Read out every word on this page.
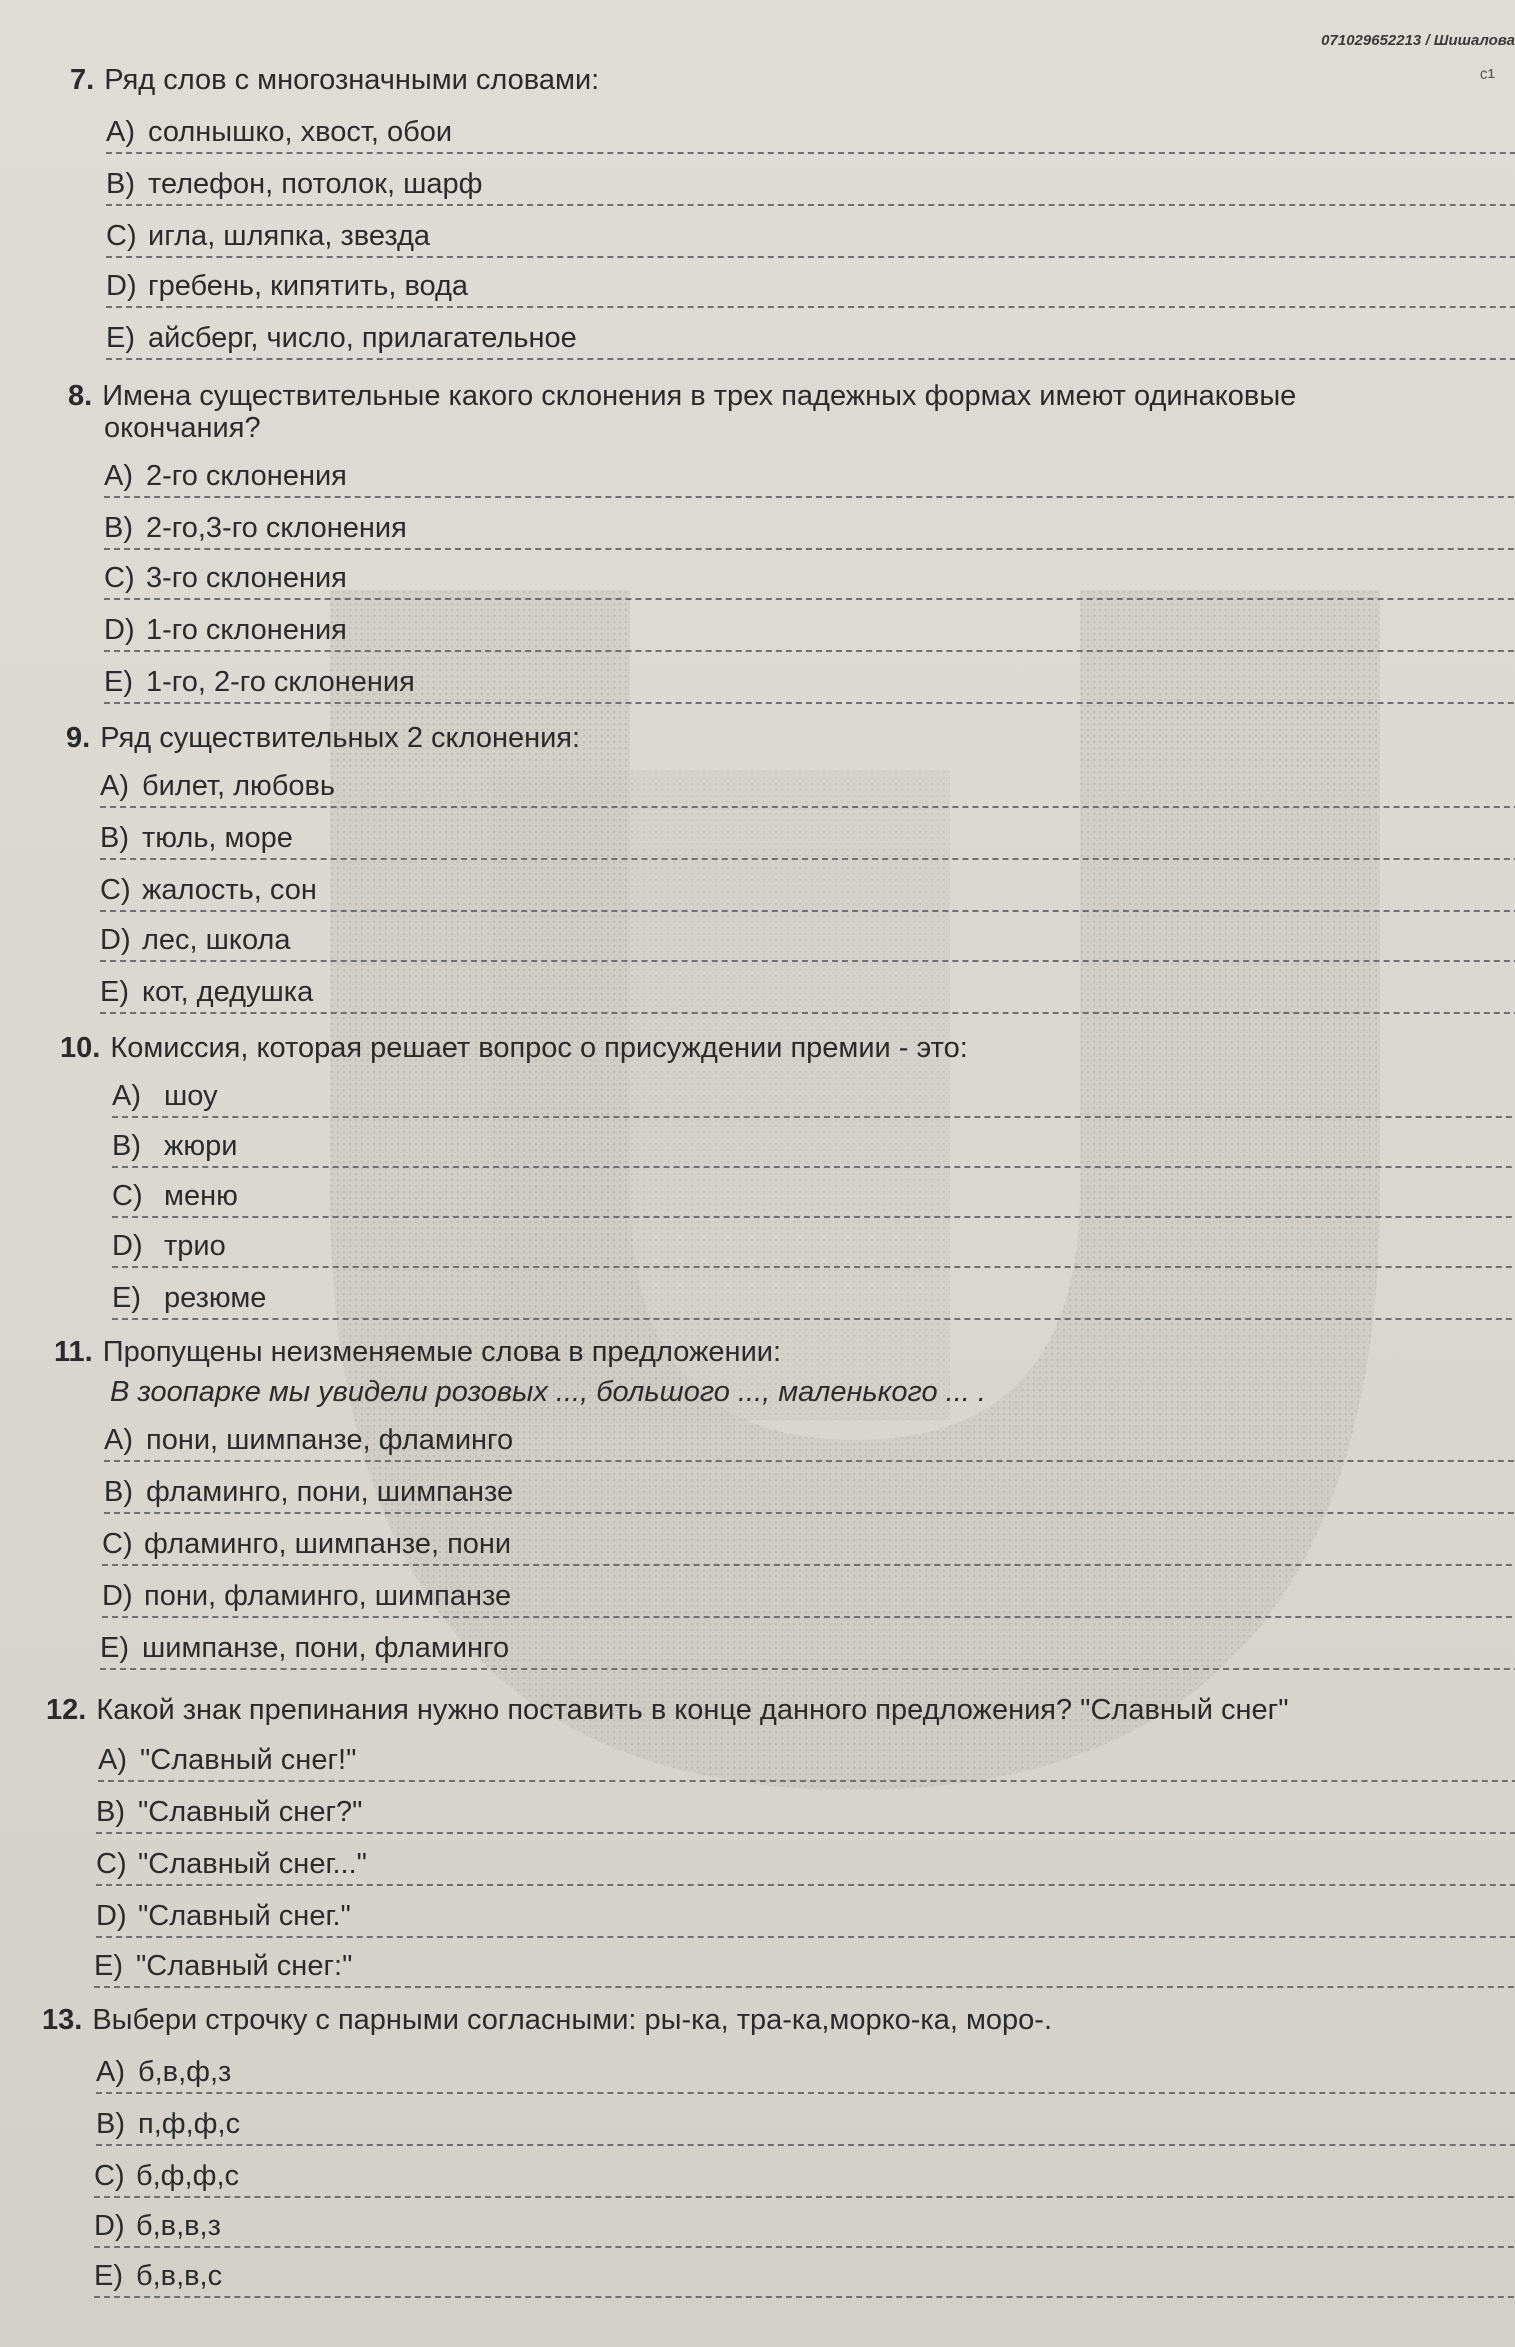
071029652213 / Шишалова
ᶜ¹
7. Ряд слов с многозначными словами:
A) солнышко, хвост, обои
B) телефон, потолок, шарф
C) игла, шляпка, звезда
D) гребень, кипятить, вода
E) айсберг, число, прилагательное
8. Имена существительные какого склонения в трех падежных формах имеют одинаковые
окончания?
A) 2-го склонения
B) 2-го,3-го склонения
C) 3-го склонения
D) 1-го склонения
E) 1-го, 2-го склонения
9. Ряд существительных 2 склонения:
A) билет, любовь
B) тюль, море
C) жалость, сон
D) лес, школа
E) кот, дедушка
10. Комиссия, которая решает вопрос о присуждении премии - это:
A) шоу
B) жюри
C) меню
D) трио
E) резюме
11. Пропущены неизменяемые слова в предложении:
В зоопарке мы увидели розовых ..., большого ..., маленького ... .
A) пони, шимпанзе, фламинго
B) фламинго, пони, шимпанзе
C) фламинго, шимпанзе, пони
D) пони, фламинго, шимпанзе
E) шимпанзе, пони, фламинго
12. Какой знак препинания нужно поставить в конце данного предложения? "Славный снег"
A) "Славный снег!"
B) "Славный снег?"
C) "Славный снег..."
D) "Славный снег."
E) "Славный снег:"
13. Выбери строчку с парными согласными: ры-ка, тра-ка,морко-ка, моро-.
A) б,в,ф,з
B) п,ф,ф,с
C) б,ф,ф,с
D) б,в,в,з
E) б,в,в,с
